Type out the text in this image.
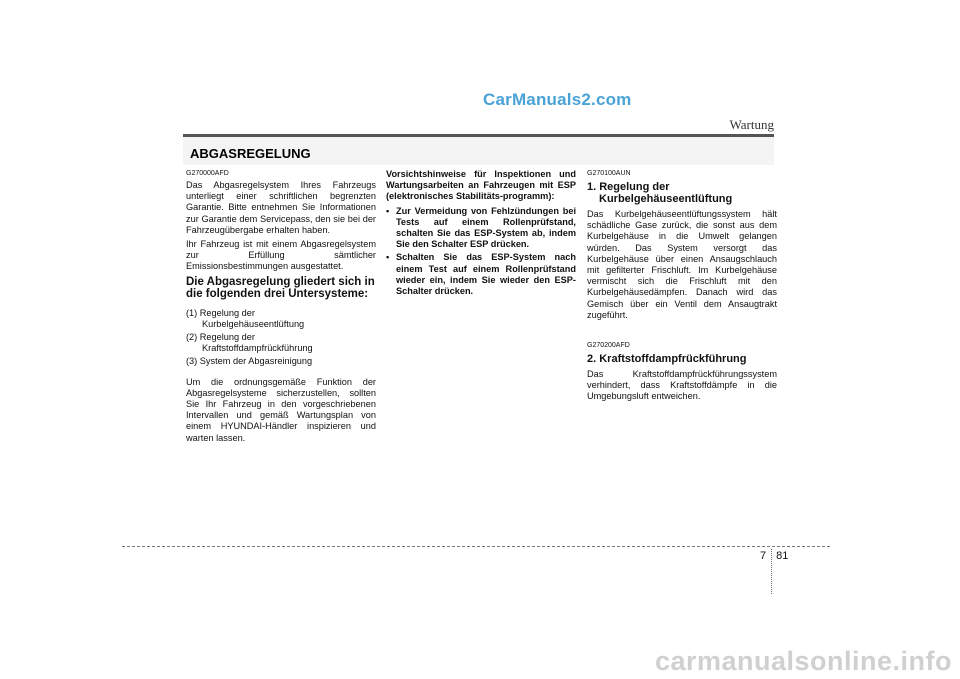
CarManuals2.com
Wartung
ABGASREGELUNG
G270000AFD

Das Abgasregelsystem Ihres Fahrzeugs unterliegt einer schriftlichen begrenzten Garantie. Bitte entnehmen Sie Informationen zur Garantie dem Servicepass, den sie bei der Fahrzeugübergabe erhalten haben.

Ihr Fahrzeug ist mit einem Abgasregelsystem zur Erfüllung sämtlicher Emissionsbestimmungen ausgestattet.

Die Abgasregelung gliedert sich in die folgenden drei Untersysteme:
(1) Regelung der
Kurbelgehäuseentlüftung
(2) Regelung der
Kraftstoffdampfrückführung
(3) System der Abgasreinigung

Um die ordnungsgemäße Funktion der Abgasregelsysteme sicherzustellen, sollten Sie Ihr Fahrzeug in den vorgeschriebenen Intervallen und gemäß Wartungsplan von einem HYUNDAI-Händler inspizieren und warten lassen.

Vorsichtshinweise für Inspektionen und Wartungsarbeiten an Fahrzeugen mit ESP (elektronisches Stabilitäts-programm):

• Zur Vermeidung von Fehlzündungen bei Tests auf einem Rollenprüfstand, schalten Sie das ESP-System ab, indem Sie den Schalter ESP drücken.
• Schalten Sie das ESP-System nach einem Test auf einem Rollenprüfstand wieder ein, indem Sie wieder den ESP-Schalter drücken.
G270100AUN
1. Regelung der
Kurbelgehäuseentlüftung

Das Kurbelgehäuseentlüftungssystem hält schädliche Gase zurück, die sonst aus dem Kurbelgehäuse in die Umwelt gelangen würden. Das System versorgt das Kurbelgehäuse über einen Ansaugschlauch mit gefilterter Frischluft. Im Kurbelgehäuse vermischt sich die Frischluft mit den Kurbelgehäusedämpfen. Danach wird das Gemisch über ein Ventil dem Ansaugtrakt zugeführt.

G270200AFD
2. Kraftstoffdampfrückführung

Das Kraftstoffdampfrückführungssystem verhindert, dass Kraftstoffdämpfe in die Umgebungsluft entweichen.

7 81
carmanualsonline.info
